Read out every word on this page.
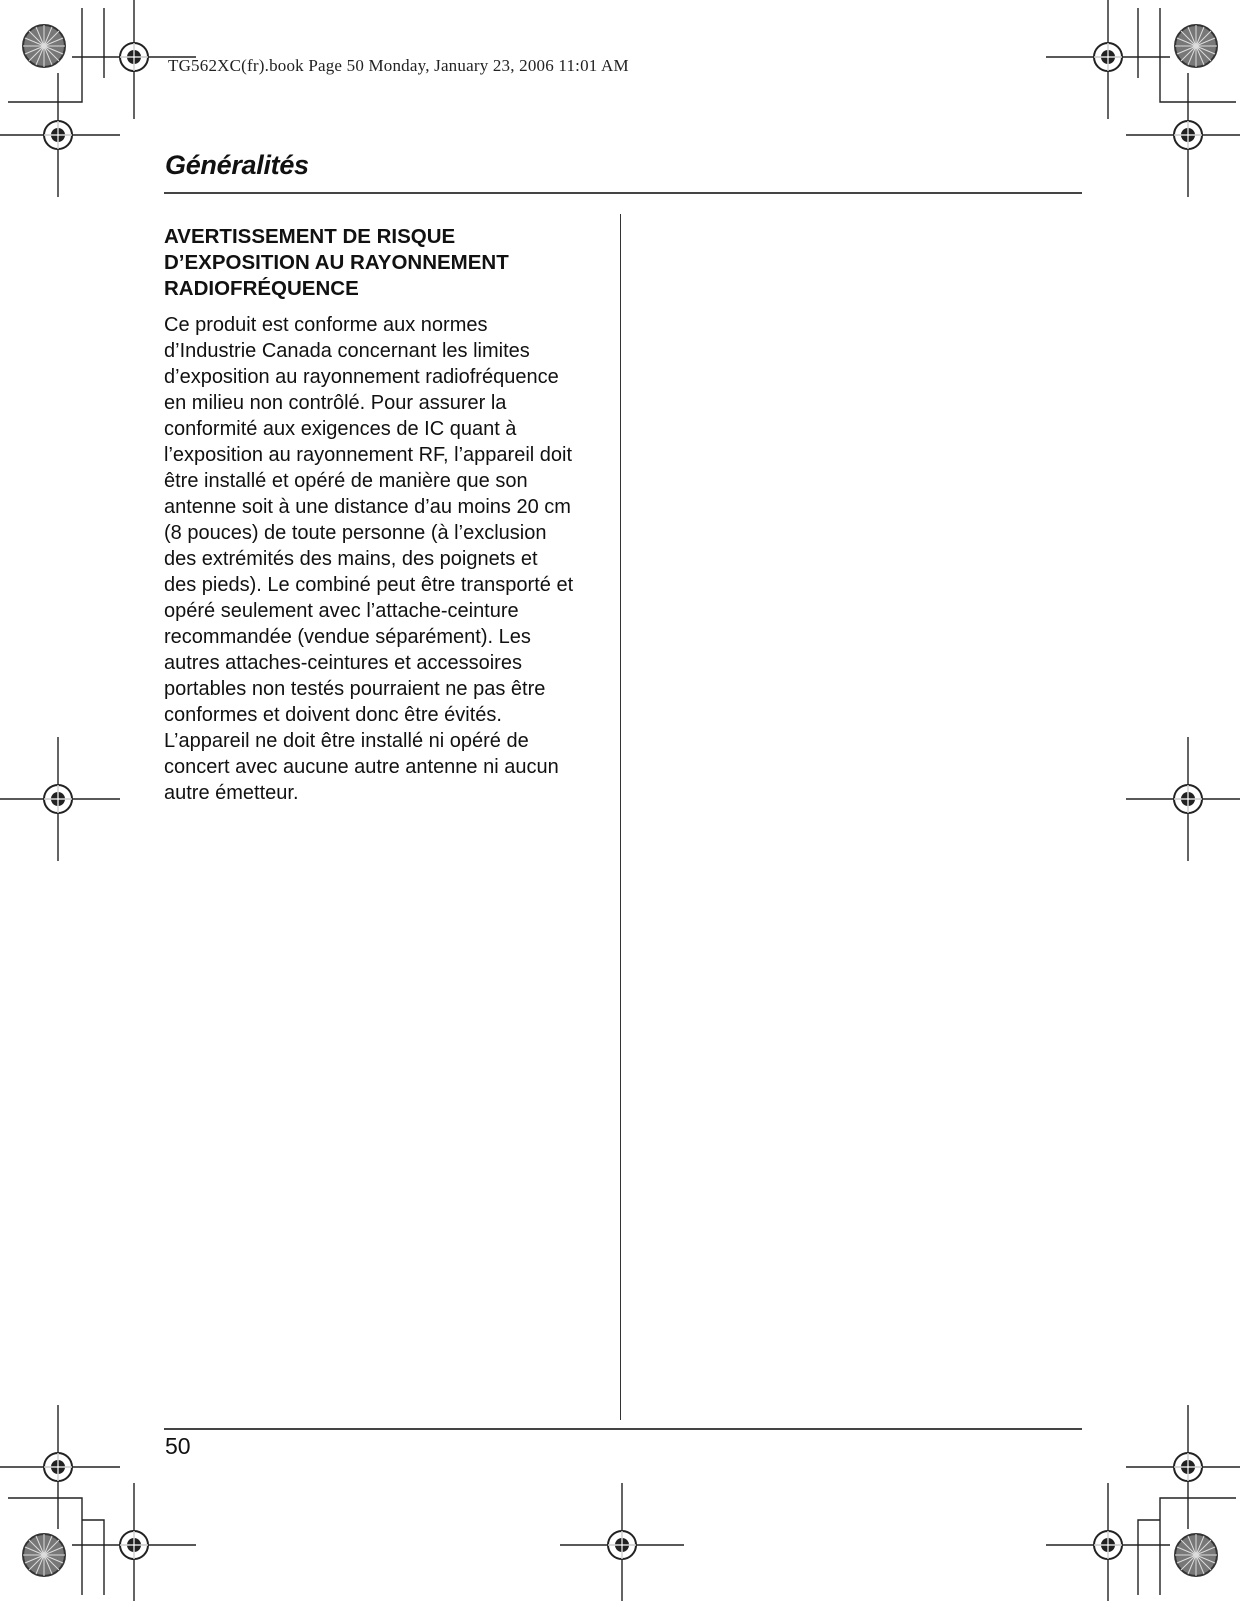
TG562XC(fr).book Page 50 Monday, January 23, 2006 11:01 AM
Généralités
AVERTISSEMENT DE RISQUE
D’EXPOSITION AU RAYONNEMENT
RADIOFRÉQUENCE
Ce produit est conforme aux normes
d’Industrie Canada concernant les limites
d’exposition au rayonnement radiofréquence
en milieu non contrôlé. Pour assurer la
conformité aux exigences de IC quant à
l’exposition au rayonnement RF, l’appareil doit
être installé et opéré de manière que son
antenne soit à une distance d’au moins 20 cm
(8 pouces) de toute personne (à l’exclusion
des extrémités des mains, des poignets et
des pieds). Le combiné peut être transporté et
opéré seulement avec l’attache-ceinture
recommandée (vendue séparément). Les
autres attaches-ceintures et accessoires
portables non testés pourraient ne pas être
conformes et doivent donc être évités.
L’appareil ne doit être installé ni opéré de
concert avec aucune autre antenne ni aucun
autre émetteur.
50
